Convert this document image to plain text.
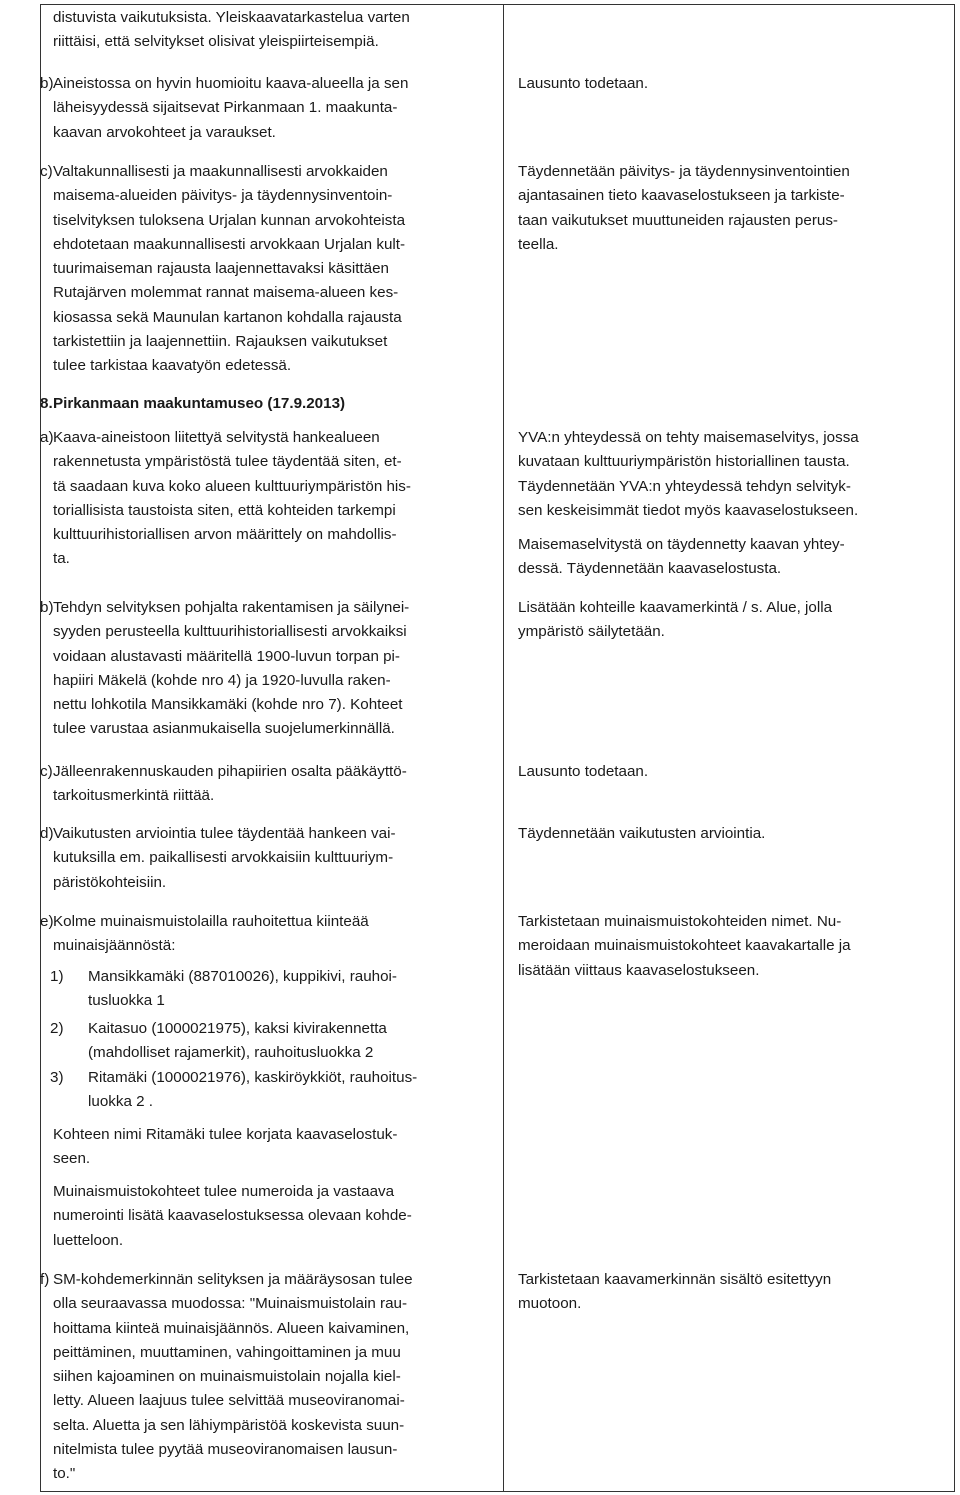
distuvista vaikutuksista. Yleiskaavatarkastelua varten
riittäisi, että selvitykset olisivat yleispiirteisempiä.
b) Aineistossa on hyvin huomioitu kaava-alueella ja sen
läheisyydessä sijaitsevat Pirkanmaan 1. maakunta-
kaavan arvokohteet ja varaukset.
Lausunto todetaan.
c) Valtakunnallisesti ja maakunnallisesti arvokkaiden
maisema-alueiden päivitys- ja täydennysinventoin-
tiselvityksen tuloksena Urjalan kunnan arvokohteista
ehdotetaan maakunnallisesti arvokkaan Urjalan kult-
tuurimaiseman rajausta laajennettavaksi käsittäen
Rutajärven molemmat rannat maisema-alueen kes-
kiosassa sekä Maunulan kartanon kohdalla rajausta
tarkistettiin ja laajennettiin. Rajauksen vaikutukset
tulee tarkistaa kaavatyön edetessä.
Täydennetään päivitys- ja täydennysinventointien
ajantasainen tieto kaavaselostukseen ja tarkiste-
taan vaikutukset muuttuneiden rajausten perus-
teella.
8. Pirkanmaan maakuntamuseo (17.9.2013)
a) Kaava-aineistoon liitettyä selvitystä hankealueen
rakennetusta ympäristöstä tulee täydentää siten, et-
tä saadaan kuva koko alueen kulttuuriympäristön his-
toriallisista taustoista siten, että kohteiden tarkempi
kulttuurihistoriallisen arvon määrittely on mahdollis-
ta.
YVA:n yhteydessä on tehty maisemaselvitys, jossa
kuvataan kulttuuriympäristön historiallinen tausta.
Täydennetään YVA:n yhteydessä tehdyn selvityk-
sen keskeisimmät tiedot myös kaavaselostukseen.
Maisemaselvitystä on täydennetty kaavan yhtey-
dessä. Täydennetään kaavaselostusta.
b) Tehdyn selvityksen pohjalta rakentamisen ja säilynei-
syyden perusteella kulttuurihistoriallisesti arvokkaiksi
voidaan alustavasti määritellä 1900-luvun torpan pi-
hapiiri Mäkelä (kohde nro 4) ja 1920-luvulla raken-
nettu lohkotila Mansikkamäki (kohde nro 7). Kohteet
tulee varustaa asianmukaisella suojelumerkinnällä.
Lisätään kohteille kaavamerkintä / s. Alue, jolla
ympäristö säilytetään.
c) Jälleenrakennuskauden pihapiirien osalta pääkäyttö-
tarkoitusmerkintä riittää.
Lausunto todetaan.
d) Vaikutusten arviointia tulee täydentää hankeen vai-
kutuksilla em. paikallisesti arvokkaisiin kulttuuriym-
päristökohteisiin.
Täydennetään vaikutusten arviointia.
e) Kolme muinaismuistolailla rauhoitettua kiinteää
muinaisjäännöstä:
1) Mansikkamäki (887010026), kuppikivi, rauhoi-
tusluokka 1
2) Kaitasuo (1000021975), kaksi kivirakennetta
(mahdolliset rajamerkit), rauhoitusluokka 2
3) Ritamäki (1000021976), kaskiröykkiöt, rauhoitus-
luokka 2 .
Kohteen nimi Ritamäki tulee korjata kaavaselostuk-
seen.
Muinaismuistokohteet tulee numeroida ja vastaava
numerointi lisätä kaavaselostuksessa olevaan kohde-
luetteloon.
Tarkistetaan muinaismuistokohteiden nimet. Nu-
meroidaan muinaismuistokohteet kaavakartalle ja
lisätään viittaus kaavaselostukseen.
f) SM-kohdemerkinnän selityksen ja määräysosan tulee
olla seuraavassa muodossa: "Muinaismuistolain rau-
hoittama kiinteä muinaisjäännös. Alueen kaivaminen,
peittäminen, muuttaminen, vahingoittaminen ja muu
siihen kajoaminen on muinaismuistolain nojalla kiel-
letty. Alueen laajuus tulee selvittää museoviranomai-
selta. Aluetta ja sen lähiympäristöä koskevista suun-
nitelmista tulee pyytää museoviranomaisen lausun-
to."
Tarkistetaan kaavamerkinnän sisältö esitettyyn
muotoon.
